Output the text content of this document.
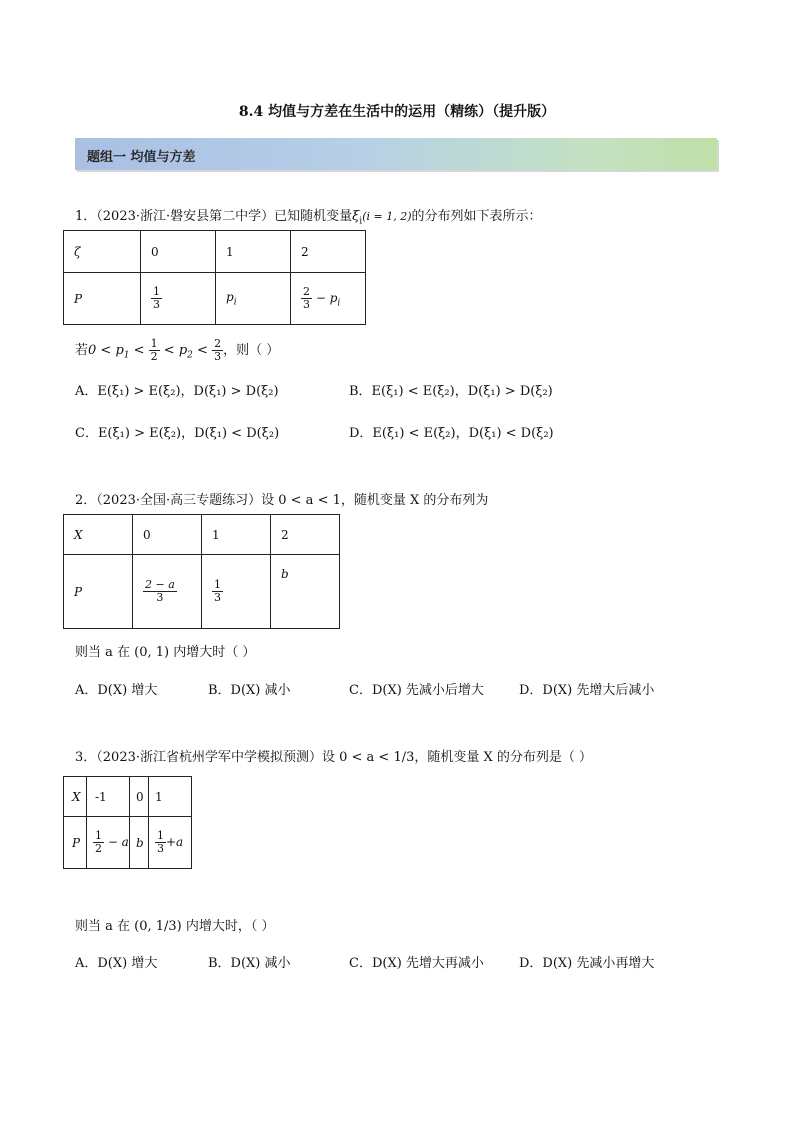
8.4 均值与方差在生活中的运用（精练）（提升版）
题组一 均值与方差
1．（2023·浙江·磐安县第二中学）已知随机变量$\xi_i(i = 1$, 2)的分布列如下表所示：
ζ	0	1	2
P	$\frac{1}{3}$	$p_i$	$\frac{2}{3} - p_i$
若$0 < p_1 < \frac{1}{2} < p_2 < \frac{2}{3}$ ，则（ ）
A．E(ξ₁) > E(ξ₂)，D(ξ₁) > D(ξ₂)	B．E(ξ₁) < E(ξ₂)，D(ξ₁) > D(ξ₂)
C．E(ξ₁) > E(ξ₂)，D(ξ₁) < D(ξ₂)	D．E(ξ₁) < E(ξ₂)，D(ξ₁) < D(ξ₂)
2．（2023·全国·高三专题练习）设 0 < a < 1，随机变量 X 的分布列为
X	0	1	2
P	$\frac{2 - a}{3}$	$\frac{1}{3}$	b
则当 a 在 (0, 1) 内增大时（ ）
A．D(X) 增大	B．D(X) 减小	C．D(X) 先减小后增大	D．D(X) 先增大后减小
3．（2023·浙江省杭州学军中学模拟预测）设 0 < a < 1/3，随机变量 X 的分布列是（ ）
X	-1	0	1
P	$\frac{1}{2} - a$	b	$\frac{1}{3} +a$
则当 a 在 (0, 1/3) 内增大时，（ ）
A．D(X) 增大	B．D(X) 减小	C．D(X) 先增大再减小	D．D(X) 先减小再增大
